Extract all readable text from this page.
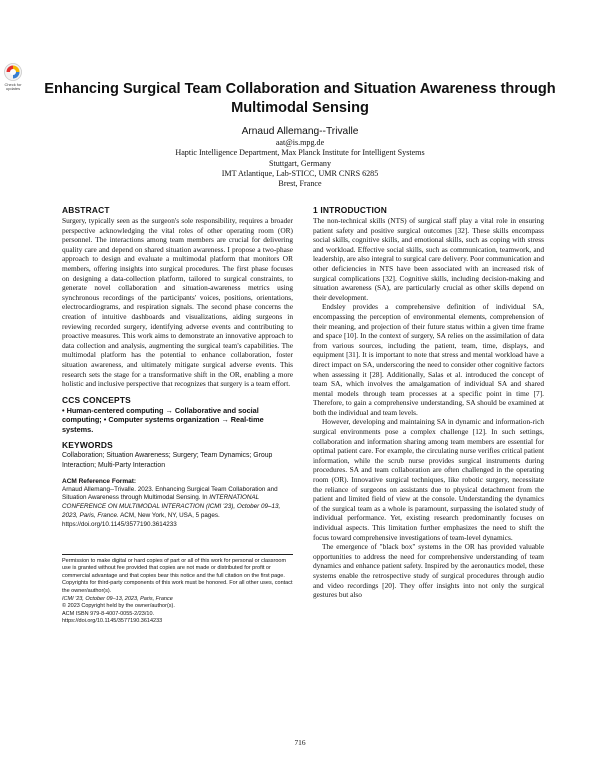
Check for updates	Enhancing Surgical Team Collaboration and Situation Awareness through Multimodal Sensing
Arnaud Allemang--Trivalle
aat@is.mpg.de
Haptic Intelligence Department, Max Planck Institute for Intelligent Systems
Stuttgart, Germany
IMT Atlantique, Lab-STICC, UMR CNRS 6285
Brest, France
ABSTRACT

Surgery, typically seen as the surgeon's sole responsibility, requires a broader perspective acknowledging the vital roles of other operating room (OR) personnel. The interactions among team members are crucial for delivering quality care and depend on shared situation awareness. I propose a two-phase approach to design and evaluate a multimodal platform that monitors OR members, offering insights into surgical procedures. The first phase focuses on designing a data-collection platform, tailored to surgical constraints, to generate novel collaboration and situation-awareness metrics using synchronous recordings of the participants' voices, positions, orientations, electrocardiograms, and respiration signals. The second phase concerns the creation of intuitive dashboards and visualizations, aiding surgeons in reviewing recorded surgery, identifying adverse events and contributing to proactive measures. This work aims to demonstrate an innovative approach to data collection and analysis, augmenting the surgical team's capabilities. The multimodal platform has the potential to enhance collaboration, foster situation awareness, and ultimately mitigate surgical adverse events. This research sets the stage for a transformative shift in the OR, enabling a more holistic and inclusive perspective that recognizes that surgery is a team effort.

CCS CONCEPTS

• Human-centered computing → Collaborative and social computing; • Computer systems organization → Real-time systems.

KEYWORDS

Collaboration; Situation Awareness; Surgery; Team Dynamics; Group Interaction; Multi-Party Interaction

ACM Reference Format:

Arnaud Allemang--Trivalle. 2023. Enhancing Surgical Team Collaboration and Situation Awareness through Multimodal Sensing. In INTERNATIONAL CONFERENCE ON MULTIMODAL INTERACTION (ICMI '23), October 09–13, 2023, Paris, France. ACM, New York, NY, USA, 5 pages. https://doi.org/10.1145/3577190.3614233

Permission to make digital or hard copies of part or all of this work for personal or classroom use is granted without fee provided that copies are not made or distributed for profit or commercial advantage and that copies bear this notice and the full citation on the first page. Copyrights for third-party components of this work must be honored. For all other uses, contact the owner/author(s).

ICMI '23, October 09–13, 2023, Paris, France

© 2023 Copyright held by the owner/author(s).

ACM ISBN 979-8-4007-0055-2/23/10.

https://doi.org/10.1145/3577190.3614233

1 INTRODUCTION

The non-technical skills (NTS) of surgical staff play a vital role in ensuring patient safety and positive surgical outcomes [32]. These skills encompass social skills, cognitive skills, and emotional skills, such as coping with stress and workload. Effective social skills, such as communication, teamwork, and leadership, are also integral to surgical care delivery. Poor communication and other deficiencies in NTS have been associated with an increased risk of surgical complications [32]. Cognitive skills, including decision-making and situation awareness (SA), are particularly crucial as other skills depend on their development.

Endsley provides a comprehensive definition of individual SA, encompassing the perception of environmental elements, comprehension of their meaning, and projection of their future status within a given time frame and space [10]. In the context of surgery, SA relies on the assimilation of data from various sources, including the patient, team, time, displays, and equipment [31]. It is important to note that stress and mental workload have a direct impact on SA, underscoring the need to consider other cognitive factors when assessing it [28]. Additionally, Salas et al. introduced the concept of team SA, which involves the amalgamation of individual SA and shared mental models through team processes at a specific point in time [7]. Therefore, to gain a comprehensive understanding, SA should be examined at both the individual and team levels.

However, developing and maintaining SA in dynamic and information-rich surgical environments pose a complex challenge [12]. In such settings, collaboration and information sharing among team members are essential for optimal patient care. For example, the circulating nurse verifies critical patient information, while the scrub nurse provides surgical instruments during procedures. SA and team collaboration are often challenged in the operating room (OR). Innovative surgical techniques, like robotic surgery, necessitate the reliance of surgeons on assistants due to physical detachment from the patient and limited field of view at the console. Understanding the dynamics of the surgical team as a whole is paramount, surpassing the isolated study of individual performance. Yet, existing research predominantly focuses on individual aspects. This limitation further emphasizes the need to shift the focus toward comprehensive investigations of team-level dynamics.

The emergence of "black box" systems in the OR has provided valuable opportunities to address the need for comprehensive understanding of team dynamics and enhance patient safety. Inspired by the aeronautics model, these systems enable the retrospective study of surgical procedures through audio and video recordings [20]. They offer insights into not only the surgical gestures but also

716
